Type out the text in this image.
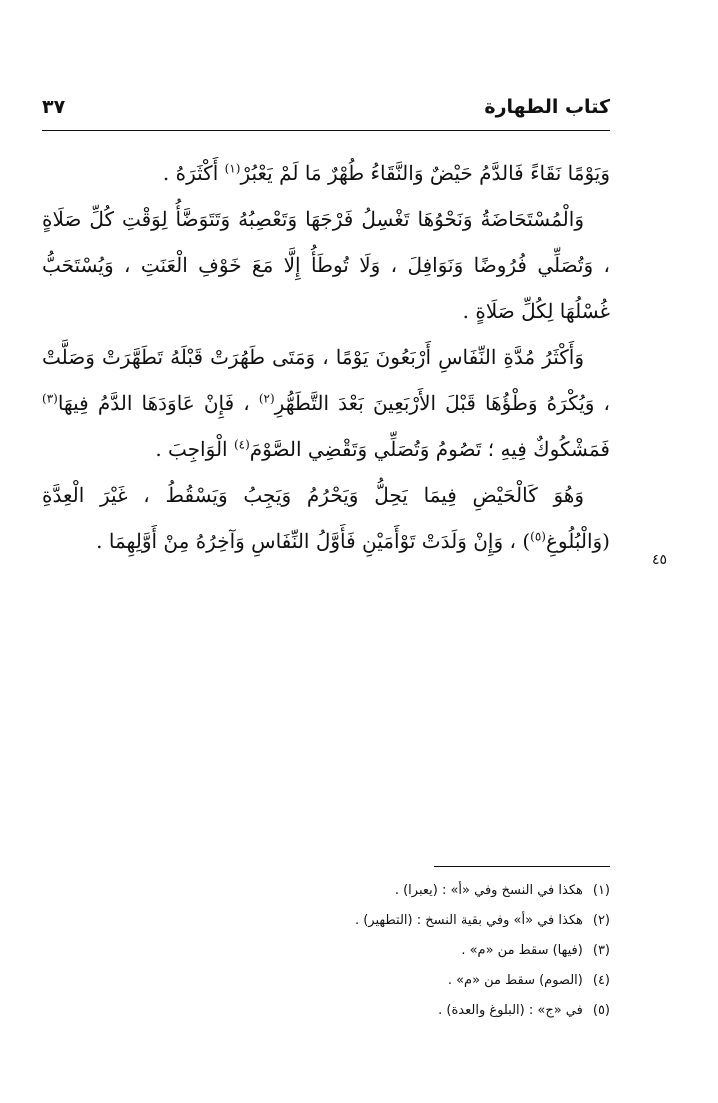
كتاب الطهارة
٣٧

وَيَوْمًا نَقَاءً فَالدَّمُ حَيْضٌ وَالنَّقَاءُ طُهْرٌ مَا لَمْ يَعْبُرْ$^{(١)}$ أَكْثَرَهُ .

وَالْمُسْتَحَاضَةُ وَنَحْوُهَا تَغْسِلُ فَرْجَهَا وَتَعْصِبُهُ وَتَتَوَضَّأُ لِوَقْتِ كُلِّ صَلَاةٍ ، وَتُصَلِّي فُرُوضًا وَنَوَافِلَ ، وَلَا تُوطَأُ إِلَّا مَعَ خَوْفِ الْعَنَتِ ، وَيُسْتَحَبُّ غُسْلُهَا لِكُلِّ صَلَاةٍ .

وَأَكْثَرُ مُدَّةِ النِّفَاسِ أَرْبَعُونَ يَوْمًا ، وَمَتَى طَهُرَتْ قَبْلَهُ تَطَهَّرَتْ وَصَلَّتْ ، وَيُكْرَهُ وَطْؤُهَا قَبْلَ الأَرْبَعِينَ بَعْدَ التَّطَهُّرِ$^{(٢)}$ ، فَإِنْ عَاوَدَهَا الدَّمُ فِيهَا$^{(٣)}$ فَمَشْكُوكٌ فِيهِ ؛ تَصُومُ وَتُصَلِّي وَتَقْضِي الصَّوْمَ$^{(٤)}$ الْوَاجِبَ .

وَهُوَ كَالْحَيْضِ فِيمَا يَحِلُّ وَيَحْرُمُ وَيَجِبُ وَيَسْقُطُ ، غَيْرَ الْعِدَّةِ (وَالْبُلُوغِ$^{(٥)}$) ، وَإِنْ وَلَدَتْ تَوْأَمَيْنِ فَأَوَّلُ النِّفَاسِ وَآخِرُهُ مِنْ أَوَّلِهِمَا .

٤٥
(١)هكذا في النسخ وفي «أ» : (يعبرا) .
(٢)هكذا في «أ» وفي بقية النسخ : (التطهير) .
(٣)(فيها) سقط من «م» .
(٤)(الصوم) سقط من «م» .
(٥)في «ج» : (البلوغ والعدة) .
